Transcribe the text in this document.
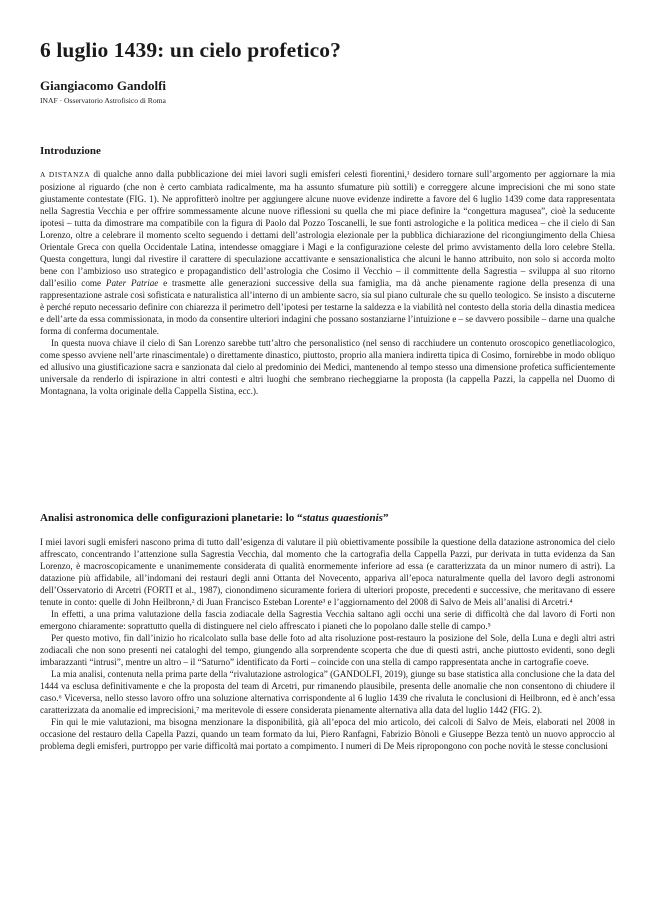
6 luglio 1439: un cielo profetico?
Giangiacomo Gandolfi
INAF · Osservatorio Astrofisico di Roma
Introduzione

A DISTANZA di qualche anno dalla pubblicazione dei miei lavori sugli emisferi celesti fiorentini,¹ desidero tornare sull’argomento per aggiornare la mia posizione al riguardo (che non è certo cambiata radicalmente, ma ha assunto sfumature più sottili) e correggere alcune imprecisioni che mi sono state giustamente contestate (FIG. 1). Ne approfitterò inoltre per aggiungere alcune nuove evidenze indirette a favore del 6 luglio 1439 come data rappresentata nella Sagrestia Vecchia e per offrire sommessamente alcune nuove riflessioni su quella che mi piace definire la “congettura magusea”, cioè la seducente ipotesi – tutta da dimostrare ma compatibile con la figura di Paolo dal Pozzo Toscanelli, le sue fonti astrologiche e la politica medicea – che il cielo di San Lorenzo, oltre a celebrare il momento scelto seguendo i dettami dell’astrologia elezionale per la pubblica dichiarazione del ricongiungimento della Chiesa Orientale Greca con quella Occidentale Latina, intendesse omaggiare i Magi e la configurazione celeste del primo avvistamento della loro celebre Stella. Questa congettura, lungi dal rivestire il carattere di speculazione accattivante e sensazionalistica che alcuni le hanno attribuito, non solo si accorda molto bene con l’ambizioso uso strategico e propagandistico dell’astrologia che Cosimo il Vecchio – il committente della Sagrestia – sviluppa al suo ritorno dall’esilio come Pater Patriae e trasmette alle generazioni successive della sua famiglia, ma dà anche pienamente ragione della presenza di una rappresentazione astrale così sofisticata e naturalistica all’interno di un ambiente sacro, sia sul piano culturale che su quello teologico. Se insisto a discuterne è perché reputo necessario definire con chiarezza il perimetro dell’ipotesi per testarne la saldezza e la viabilità nel contesto della storia della dinastia medicea e dell’arte da essa commissionata, in modo da consentire ulteriori indagini che possano sostanziarne l’intuizione e – se davvero possibile – darne una qualche forma di conferma documentale.

In questa nuova chiave il cielo di San Lorenzo sarebbe tutt’altro che personalistico (nel senso di racchiudere un contenuto oroscopico genetliacologico, come spesso avviene nell’arte rinascimentale) o direttamente dinastico, piuttosto, proprio alla maniera indiretta tipica di Cosimo, fornirebbe in modo obliquo ed allusivo una giustificazione sacra e sanzionata dal cielo al predominio dei Medici, mantenendo al tempo stesso una dimensione profetica sufficientemente universale da renderlo di ispirazione in altri contesti e altri luoghi che sembrano riecheggiarne la proposta (la cappella Pazzi, la cappella nel Duomo di Montagnana, la volta originale della Cappella Sistina, ecc.).

Analisi astronomica delle configurazioni planetarie: lo “status quaestionis”

I miei lavori sugli emisferi nascono prima di tutto dall’esigenza di valutare il più obiettivamente possibile la questione della datazione astronomica del cielo affrescato, concentrando l’attenzione sulla Sagrestia Vecchia, dal momento che la cartografia della Cappella Pazzi, pur derivata in tutta evidenza da San Lorenzo, è macroscopicamente e unanimemente considerata di qualità enormemente inferiore ad essa (e caratterizzata da un minor numero di astri). La datazione più affidabile, all’indomani dei restauri degli anni Ottanta del Novecento, appariva all’epoca naturalmente quella del lavoro degli astronomi dell’Osservatorio di Arcetri (FORTI et al., 1987), cionondimeno sicuramente foriera di ulteriori proposte, precedenti e successive, che meritavano di essere tenute in conto: quelle di John Heilbronn,² di Juan Francisco Esteban Lorente³ e l’aggiornamento del 2008 di Salvo de Meis all’analisi di Arcetri.⁴

In effetti, a una prima valutazione della fascia zodiacale della Sagrestia Vecchia saltano agli occhi una serie di difficoltà che dal lavoro di Forti non emergono chiaramente: soprattutto quella di distinguere nel cielo affrescato i pianeti che lo popolano dalle stelle di campo.⁵

Per questo motivo, fin dall’inizio ho ricalcolato sulla base delle foto ad alta risoluzione post-restauro la posizione del Sole, della Luna e degli altri astri zodiacali che non sono presenti nei cataloghi del tempo, giungendo alla sorprendente scoperta che due di questi astri, anche piuttosto evidenti, sono degli imbarazzanti “intrusi”, mentre un altro – il “Saturno” identificato da Forti – coincide con una stella di campo rappresentata anche in cartografie coeve.

La mia analisi, contenuta nella prima parte della “rivalutazione astrologica” (GANDOLFI, 2019), giunge su base statistica alla conclusione che la data del 1444 va esclusa definitivamente e che la proposta del team di Arcetri, pur rimanendo plausibile, presenta delle anomalie che non consentono di chiudere il caso.⁶ Viceversa, nello stesso lavoro offro una soluzione alternativa corrispondente al 6 luglio 1439 che rivaluta le conclusioni di Heilbronn, ed è anch’essa caratterizzata da anomalie ed imprecisioni,⁷ ma meritevole di essere considerata pienamente alternativa alla data del luglio 1442 (FIG. 2).

Fin qui le mie valutazioni, ma bisogna menzionare la disponibilità, già all’epoca del mio articolo, dei calcoli di Salvo de Meis, elaborati nel 2008 in occasione del restauro della Capella Pazzi, quando un team formato da lui, Piero Ranfagni, Fabrizio Bònoli e Giuseppe Bezza tentò un nuovo approccio al problema degli emisferi, purtroppo per varie difficoltà mai portato a compimento. I numeri di De Meis ripropongono con poche novità le stesse conclusioni
